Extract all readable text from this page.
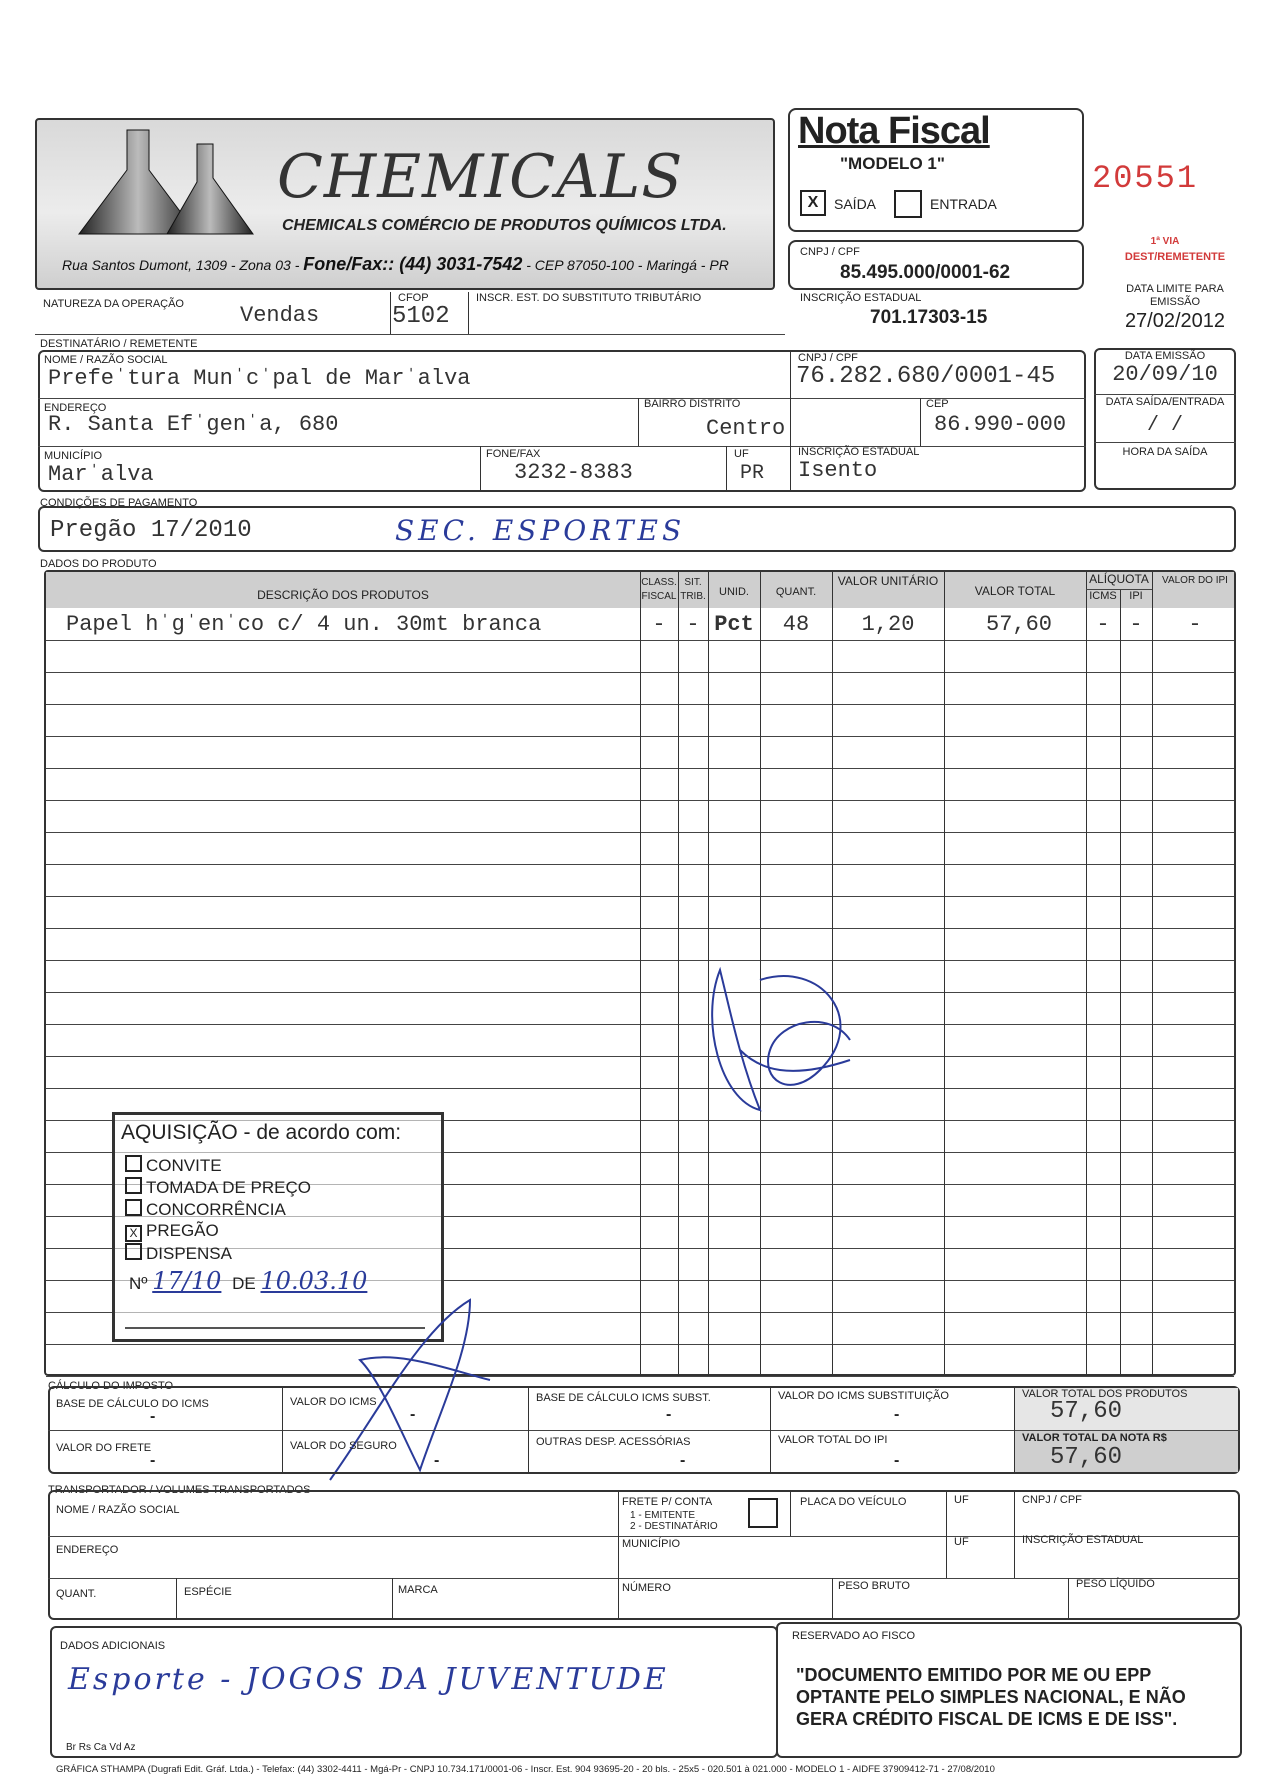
CHEMICALS
CHEMICALS COMÉRCIO DE PRODUTOS QUÍMICOS LTDA.
Rua Santos Dumont, 1309 - Zona 03 - Fone/Fax:: (44) 3031-7542 - CEP 87050-100 - Maringá - PR
Nota Fiscal
"MODELO 1"
X	SAÍDA	ENTRADA
20551
1ª VIA
DEST/REMETENTE
DATA LIMITE PARA EMISSÃO
27/02/2012
CNPJ / CPF
85.495.000/0001-62
INSCRIÇÃO ESTADUAL
701.17303-15
NATUREZA DA OPERAÇÃO	Vendas
CFOP
5102
INSCR. EST. DO SUBSTITUTO TRIBUTÁRIO
DESTINATÁRIO / REMETENTE
NOME / RAZÃO SOCIAL
Prefeˈtura Munˈcˈpal de Marˈalva
CNPJ / CPF
76.282.680/0001-45
ENDEREÇO
R. Santa Efˈgenˈa, 680
BAIRRO DISTRITO
Centro
CEP
86.990-000
MUNICÍPIO
Marˈalva
FONE/FAX
3232-8383
UF
PR
INSCRIÇÃO ESTADUAL
Isento
DATA EMISSÃO
20/09/10
DATA SAÍDA/ENTRADA
/ /
HORA DA SAÍDA
CONDIÇÕES DE PAGAMENTO
Pregão 17/2010	SEC. ESPORTES
DADOS DO PRODUTO
DESCRIÇÃO DOS PRODUTOS
CLASS. FISCAL
SIT. TRIB.	UNID.	QUANT.
VALOR UNITÁRIO
VALOR TOTAL
ALÍQUOTA
ICMS	IPI
VALOR DO IPI
Papel hˈgˈenˈco c/ 4 un. 30mt branca	- - Pct	48	1,20	57,60	- -	-
AQUISIÇÃO - de acordo com:
CONVITE
TOMADA DE PREÇO
CONCORRÊNCIA
X PREGÃO
DISPENSA
Nº 17/10 DE 10.03.10
CÁLCULO DO IMPOSTO
BASE DE CÁLCULO DO ICMS
-
VALOR DO ICMS
-
BASE DE CÁLCULO ICMS SUBST.
-
VALOR DO ICMS SUBSTITUIÇÃO
-
VALOR TOTAL DOS PRODUTOS
57,60
VALOR DO FRETE
-
VALOR DO SEGURO
-
OUTRAS DESP. ACESSÓRIAS
-
VALOR TOTAL DO IPI
-
VALOR TOTAL DA NOTA R$
57,60
TRANSPORTADOR / VOLUMES TRANSPORTADOS
NOME / RAZÃO SOCIAL
FRETE P/ CONTA
1 - EMITENTE
2 - DESTINATÁRIO
PLACA DO VEÍCULO	UF	CNPJ / CPF
ENDEREÇO	MUNICÍPIO	UF	INSCRIÇÃO ESTADUAL
QUANT.	ESPÉCIE	MARCA	NÚMERO	PESO BRUTO	PESO LÍQUIDO
DADOS ADICIONAIS
Esporte - JOGOS DA JUVENTUDE
Br Rs Ca Vd Az
RESERVADO AO FISCO
"DOCUMENTO EMITIDO POR ME OU EPP OPTANTE PELO SIMPLES NACIONAL, E NÃO GERA CRÉDITO FISCAL DE ICMS E DE ISS".
GRÁFICA STHAMPA (Dugrafi Edit. Gráf. Ltda.) - Telefax: (44) 3302-4411 - Mgá-Pr - CNPJ 10.734.171/0001-06 - Inscr. Est. 904 93695-20 - 20 bls. - 25x5 - 020.501 à 021.000 - MODELO 1 - AIDFE 37909412-71 - 27/08/2010
